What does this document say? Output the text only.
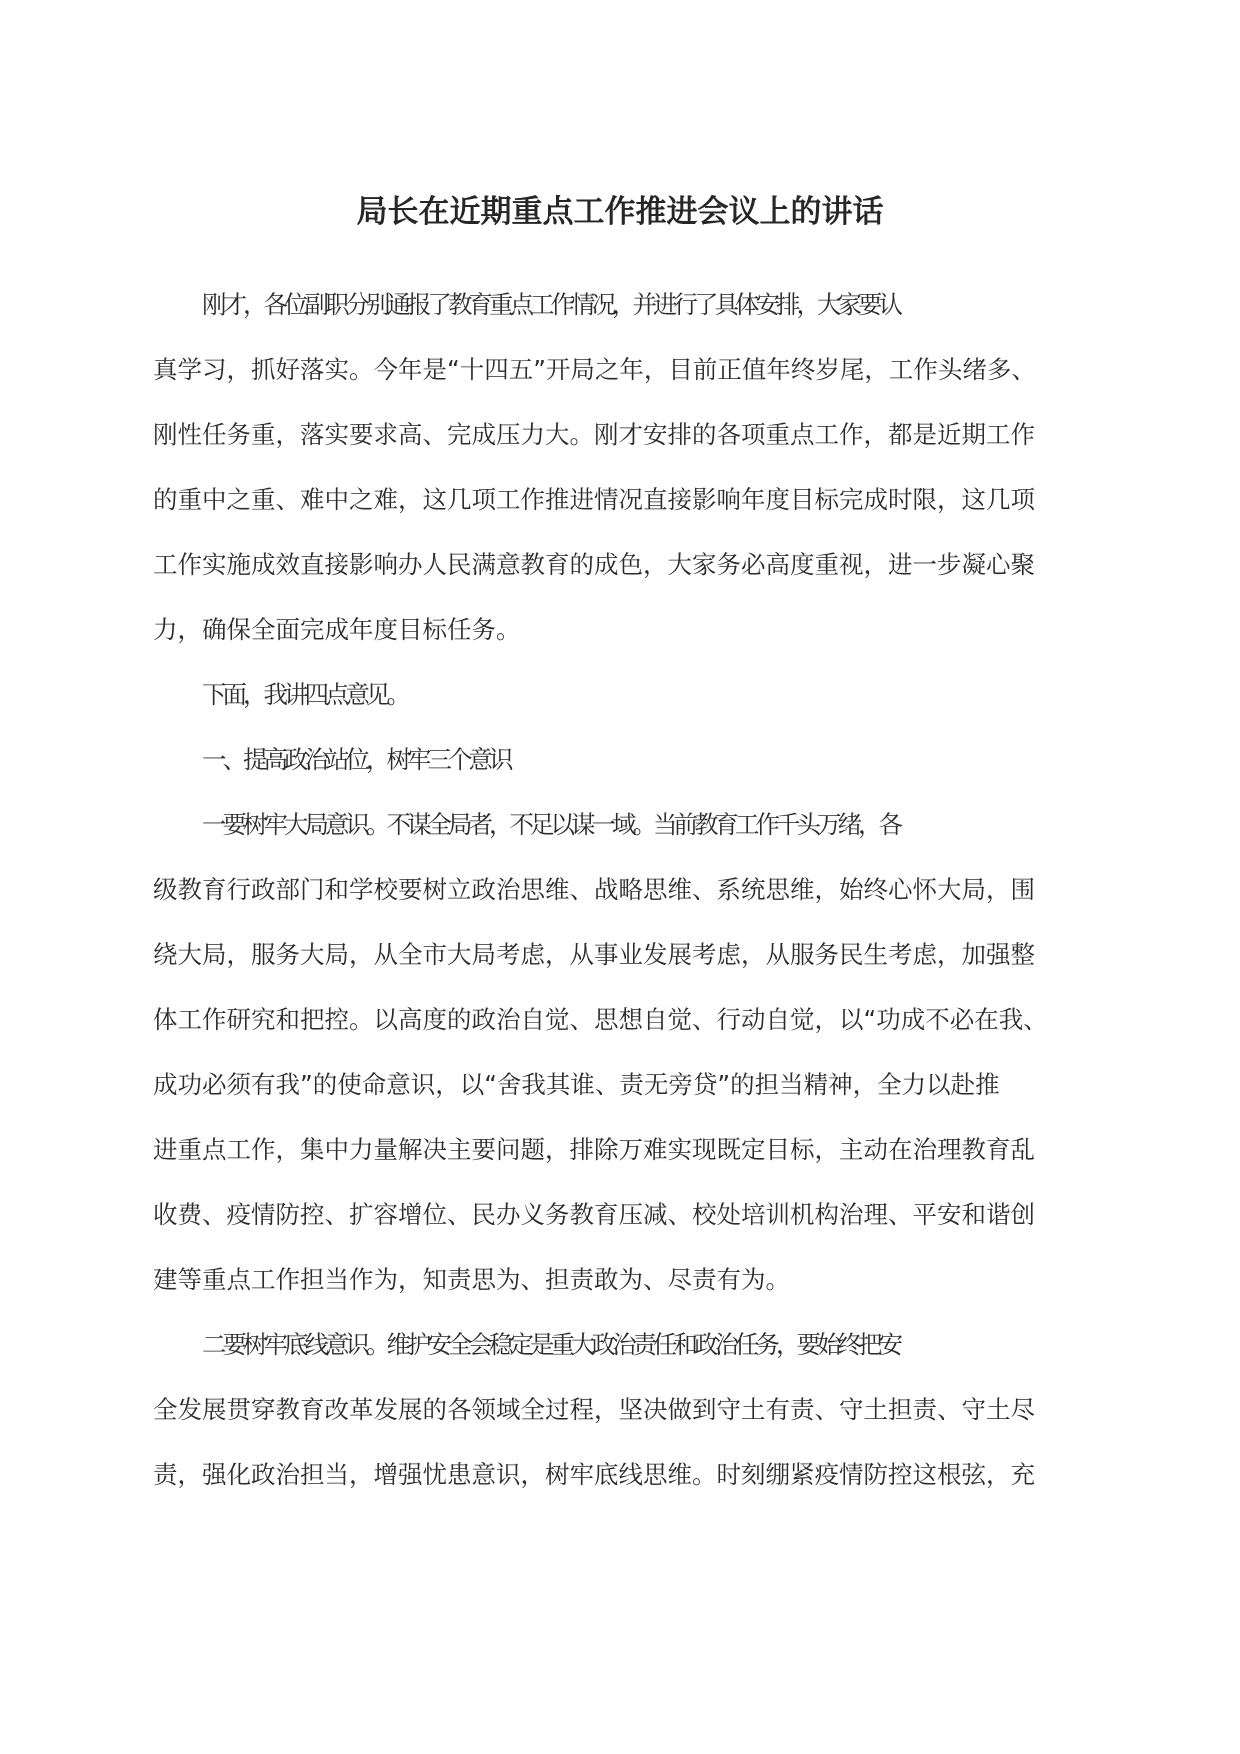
局长在近期重点工作推进会议上的讲话

刚才，各位副职分别通报了教育重点工作情况，并进行了具体安排，大家要认
真学习，抓好落实。今年是“十四五”开局之年，目前正值年终岁尾，工作头绪多、
刚性任务重，落实要求高、完成压力大。刚才安排的各项重点工作，都是近期工作
的重中之重、难中之难，这几项工作推进情况直接影响年度目标完成时限，这几项
工作实施成效直接影响办人民满意教育的成色，大家务必高度重视，进一步凝心聚
力，确保全面完成年度目标任务。

下面，我讲四点意见。

一、提高政治站位，树牢三个意识

一要树牢大局意识。不谋全局者，不足以谋一域。当前教育工作千头万绪，各
级教育行政部门和学校要树立政治思维、战略思维、系统思维，始终心怀大局，围
绕大局，服务大局，从全市大局考虑，从事业发展考虑，从服务民生考虑，加强整
体工作研究和把控。以高度的政治自觉、思想自觉、行动自觉，以“功成不必在我、
成功必须有我”的使命意识，以“舍我其谁、责无旁贷”的担当精神，全力以赴推
进重点工作，集中力量解决主要问题，排除万难实现既定目标，主动在治理教育乱
收费、疫情防控、扩容增位、民办义务教育压减、校处培训机构治理、平安和谐创
建等重点工作担当作为，知责思为、担责敢为、尽责有为。

二要树牢底线意识。维护安全会稳定是重大政治责任和政治任务，要始终把安
全发展贯穿教育改革发展的各领域全过程，坚决做到守土有责、守土担责、守土尽
责，强化政治担当，增强忧患意识，树牢底线思维。时刻绷紧疫情防控这根弦，充
